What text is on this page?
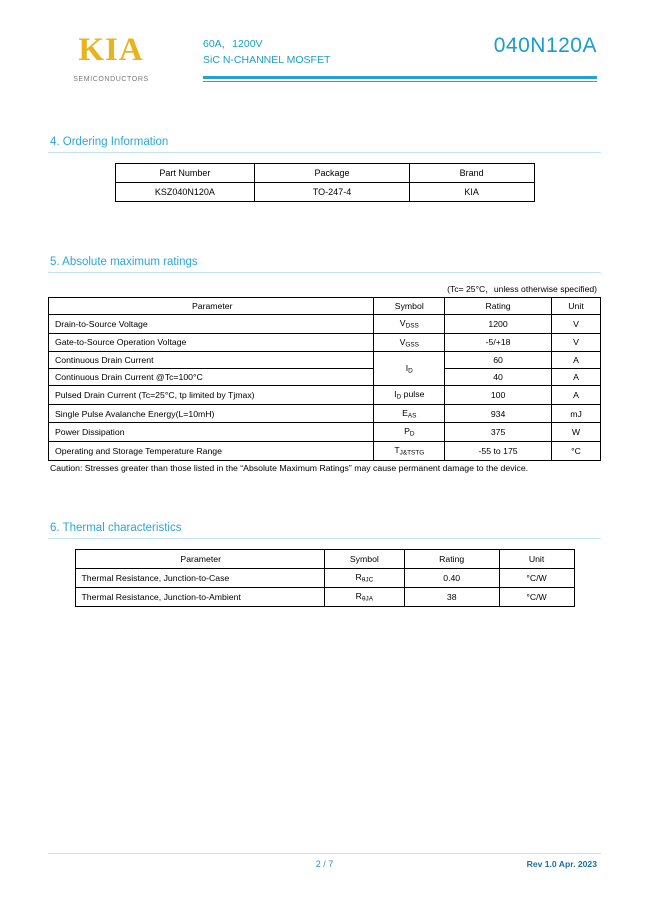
KIA
SEMICONDUCTORS
60A，1200V
SiC N-CHANNEL MOSFET
040N120A
4. Ordering Information
Part Number	Package	Brand
KSZ040N120A	TO-247-4	KIA
5. Absolute maximum ratings
(Tc= 25°C，unless otherwise specified)
Parameter	Symbol	Rating	Unit
Drain-to-Source Voltage	$V_{DSS}$	1200	V
Gate-to-Source Operation Voltage	$V_{GSS}$	-5/+18	V
Continuous Drain Current	$I_D$	60	A
Continuous Drain Current @Tc=100°C		40	A
Pulsed Drain Current (Tc=25°C, tp limited by Tjmax)	$I_D$ pulse	100	A
Single Pulse Avalanche Energy(L=10mH)	$E_{AS}$	934	mJ
Power Dissipation	$P_D$	375	W
Operating and Storage Temperature Range	$T_{J\&TSTG}$	-55 to 175	°C
Caution: Stresses greater than those listed in the “Absolute Maximum Ratings” may cause permanent damage to the device.
6. Thermal characteristics
Parameter	Symbol	Rating	Unit
Thermal Resistance, Junction-to-Case	$R_{\theta JC}$	0.40	°C/W
Thermal Resistance, Junction-to-Ambient	$R_{\theta JA}$	38	°C/W
2 / 7	Rev 1.0 Apr. 2023
